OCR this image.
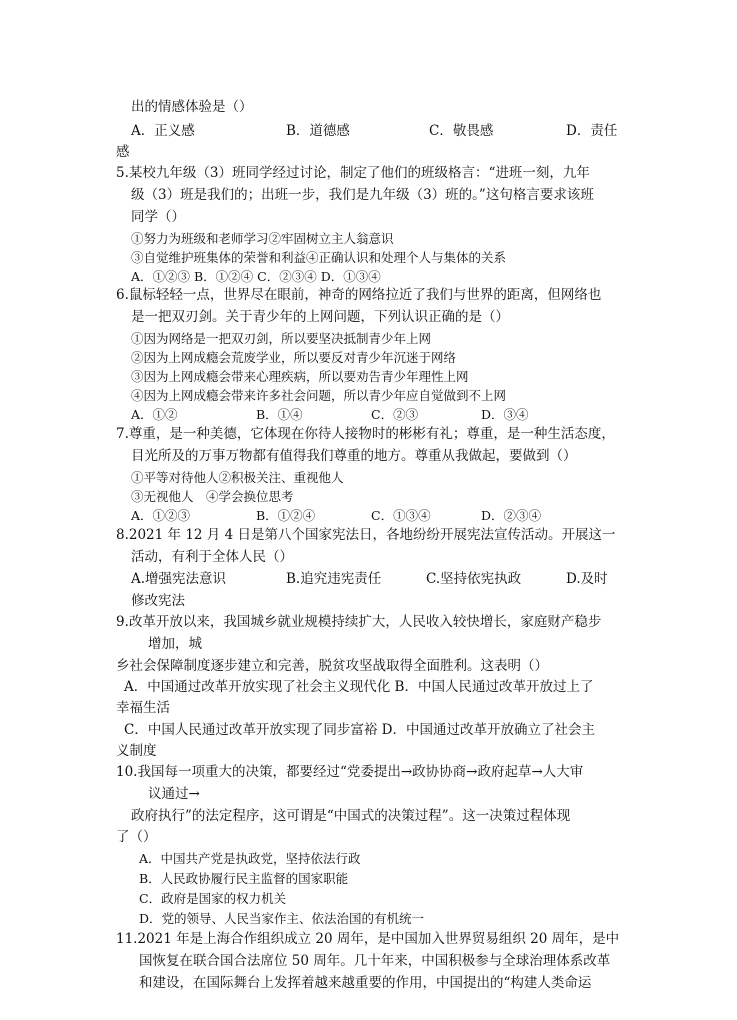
出的情感体验是（）
A．正义感	B．道德感	C．敬畏感	D．责任
感
5.某校九年级（3）班同学经过讨论，制定了他们的班级格言：“进班一刻，九年
级（3）班是我们的；出班一步，我们是九年级（3）班的。”这句格言要求该班
同学（）
①努力为班级和老师学习②牢固树立主人翁意识
③自觉维护班集体的荣誉和利益④正确认识和处理个人与集体的关系
A．①②③ B．①②④ C．②③④ D．①③④
6.鼠标轻轻一点，世界尽在眼前，神奇的网络拉近了我们与世界的距离，但网络也
是一把双刃剑。关于青少年的上网问题，下列认识正确的是（）
①因为网络是一把双刃剑，所以要坚决抵制青少年上网
②因为上网成瘾会荒废学业，所以要反对青少年沉迷于网络
③因为上网成瘾会带来心理疾病，所以要劝告青少年理性上网
④因为上网成瘾会带来许多社会问题，所以青少年应自觉做到不上网
A．①②	B．①④	C．②③	D．③④
7.尊重，是一种美德，它体现在你待人接物时的彬彬有礼；尊重，是一种生活态度，
目光所及的万事万物都有值得我们尊重的地方。尊重从我做起，要做到（）
①平等对待他人②积极关注、重视他人
③无视他人　④学会换位思考
A．①②③	B．①②④	C．①③④	D．②③④
8.2021 年 12 月 4 日是第八个国家宪法日，各地纷纷开展宪法宣传活动。开展这一
活动，有利于全体人民（）
A.增强宪法意识	B.追究违宪责任	C.坚持依宪执政	D.及时
修改宪法
9.改革开放以来，我国城乡就业规模持续扩大，人民收入较快增长，家庭财产稳步
增加，城
乡社会保障制度逐步建立和完善，脱贫攻坚战取得全面胜利。这表明（）
A．中国通过改革开放实现了社会主义现代化 B．中国人民通过改革开放过上了
幸福生活
C．中国人民通过改革开放实现了同步富裕 D．中国通过改革开放确立了社会主
义制度
10.我国每一项重大的决策，都要经过“党委提出→政协协商→政府起草→人大审
议通过→
政府执行”的法定程序，这可谓是“中国式的决策过程”。这一决策过程体现
了（）
A．中国共产党是执政党，坚持依法行政
B．人民政协履行民主监督的国家职能
C．政府是国家的权力机关
D．党的领导、人民当家作主、依法治国的有机统一
11.2021 年是上海合作组织成立 20 周年，是中国加入世界贸易组织 20 周年，是中
国恢复在联合国合法席位 50 周年。几十年来，中国积极参与全球治理体系改革
和建设，在国际舞台上发挥着越来越重要的作用，中国提出的“构建人类命运
